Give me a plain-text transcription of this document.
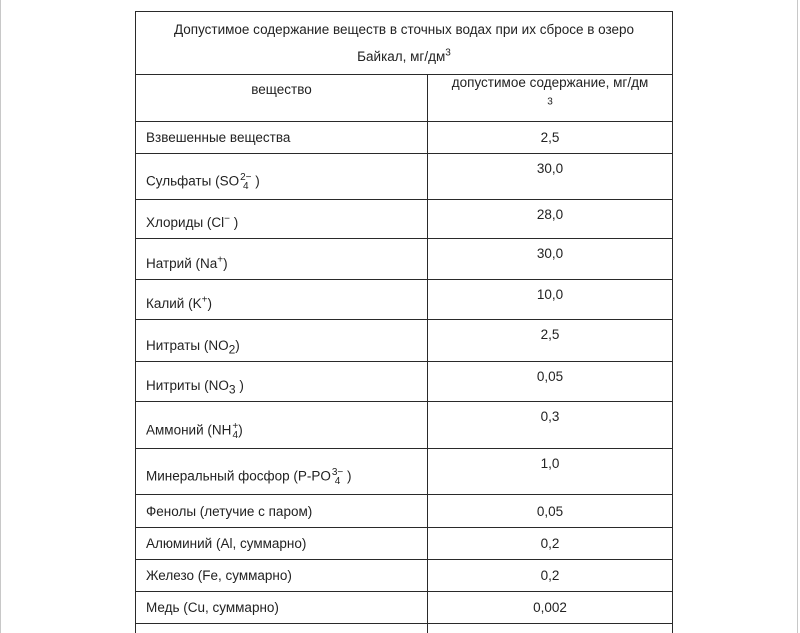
Допустимое содержание веществ в сточных водах при их сбросе в озеро
Байкал, $мг/дм^3$

вещество	допустимое содержание, мг/дм
$^3$

Взвешенные вещества	2,5

Сульфаты (SO 2−
4 )	30,0

Хлориды (Cl− )	28,0

Натрий (Na+)	30,0

Калий (K+)	10,0

Нитраты $(NO_2)$	2,5

Нитриты ($NO_3$ )	0,05

Аммоний (NH +
4 )	0,3

Минеральный фосфор (P-PO 3−
4 )	1,0

Фенолы (летучие с паром)	0,05
Алюминий (Al, суммарно)	0,2
Железо (Fe, суммарно)	0,2
Медь (Cu, суммарно)	0,002
